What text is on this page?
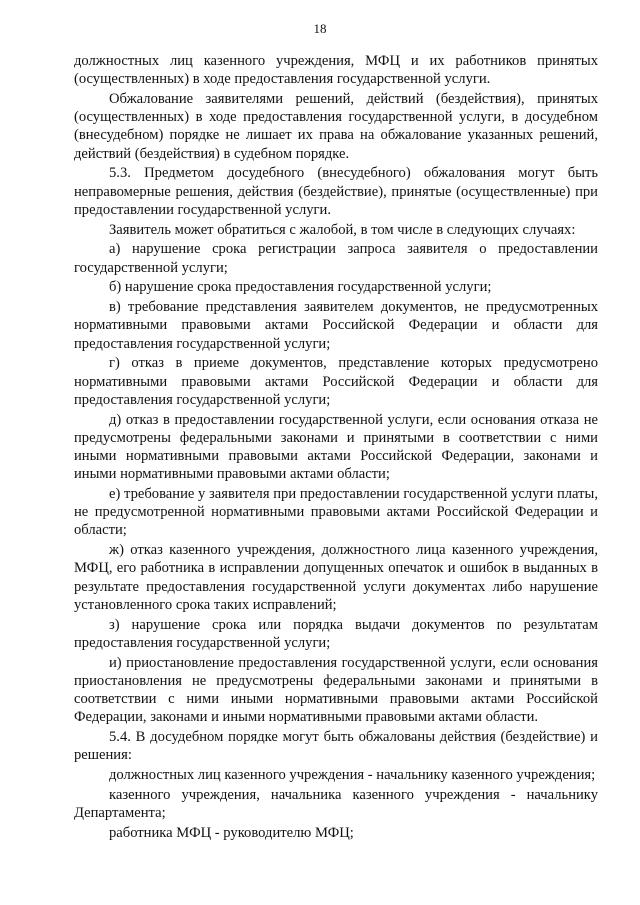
18

должностных лиц казенного учреждения, МФЦ и их работников принятых (осуществленных) в ходе предоставления государственной услуги.

Обжалование заявителями решений, действий (бездействия), принятых (осуществленных) в ходе предоставления государственной услуги, в досудебном (внесудебном) порядке не лишает их права на обжалование указанных решений, действий (бездействия) в судебном порядке.

5.3. Предметом досудебного (внесудебного) обжалования могут быть неправомерные решения, действия (бездействие), принятые (осуществленные) при предоставлении государственной услуги.

Заявитель может обратиться с жалобой, в том числе в следующих случаях:

а) нарушение срока регистрации запроса заявителя о предоставлении государственной услуги;

б) нарушение срока предоставления государственной услуги;

в) требование представления заявителем документов, не предусмотренных нормативными правовыми актами Российской Федерации и области для предоставления государственной услуги;

г) отказ в приеме документов, представление которых предусмотрено нормативными правовыми актами Российской Федерации и области для предоставления государственной услуги;

д) отказ в предоставлении государственной услуги, если основания отказа не предусмотрены федеральными законами и принятыми в соответствии с ними иными нормативными правовыми актами Российской Федерации, законами и иными нормативными правовыми актами области;

е) требование у заявителя при предоставлении государственной услуги платы, не предусмотренной нормативными правовыми актами Российской Федерации и области;

ж) отказ казенного учреждения, должностного лица казенного учреждения, МФЦ, его работника в исправлении допущенных опечаток и ошибок в выданных в результате предоставления государственной услуги документах либо нарушение установленного срока таких исправлений;

з) нарушение срока или порядка выдачи документов по результатам предоставления государственной услуги;

и) приостановление предоставления государственной услуги, если основания приостановления не предусмотрены федеральными законами и принятыми в соответствии с ними иными нормативными правовыми актами Российской Федерации, законами и иными нормативными правовыми актами области.

5.4. В досудебном порядке могут быть обжалованы действия (бездействие) и решения:

должностных лиц казенного учреждения - начальнику казенного учреждения;

казенного учреждения, начальника казенного учреждения - начальнику Департамента;

работника МФЦ - руководителю МФЦ;
